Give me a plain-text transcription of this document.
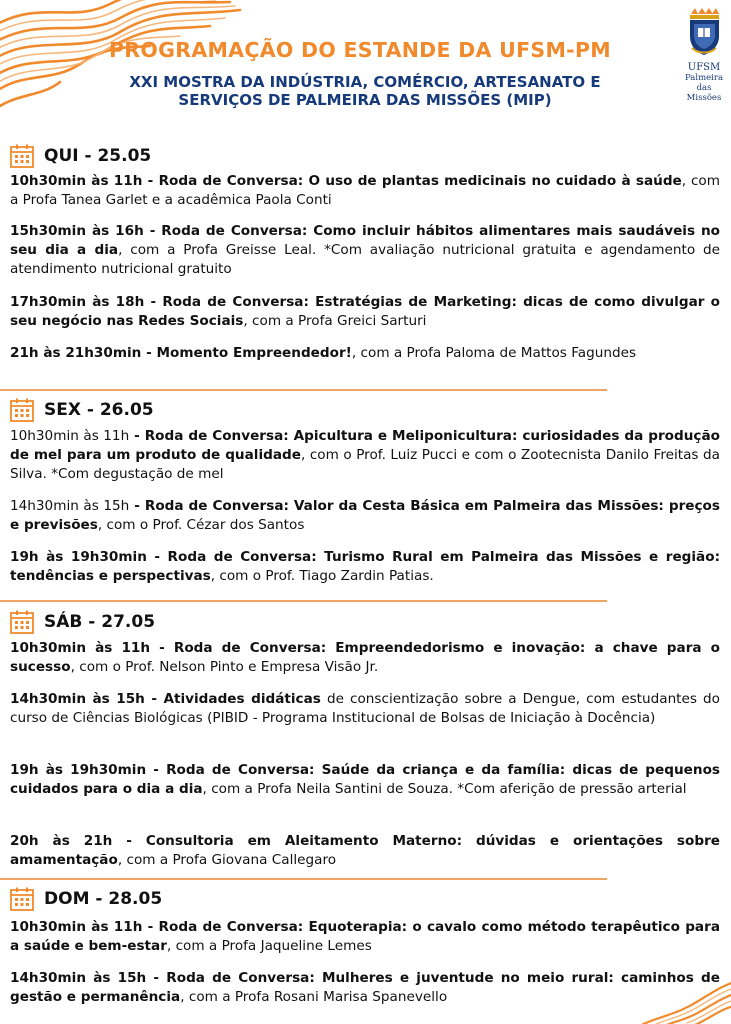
PROGRAMAÇÃO DO ESTANDE DA UFSM-PM
XXI MOSTRA DA INDÚSTRIA, COMÉRCIO, ARTESANATO E
SERVIÇOS DE PALMEIRA DAS MISSÕES (MIP)
UFSM
Palmeira
das Missões
QUI - 25.05

10h30min às 11h - Roda de Conversa: O uso de plantas medicinais no cuidado à saúde, com a Profa Tanea Garlet e a acadêmica Paola Conti

15h30min às 16h - Roda de Conversa: Como incluir hábitos alimentares mais saudáveis no seu dia a dia, com a Profa Greisse Leal. *Com avaliação nutricional gratuita e agendamento de atendimento nutricional gratuito

17h30min às 18h - Roda de Conversa: Estratégias de Marketing: dicas de como divulgar o seu negócio nas Redes Sociais, com a Profa Greici Sarturi

21h às 21h30min - Momento Empreendedor!, com a Profa Paloma de Mattos Fagundes

SEX - 26.05

10h30min às 11h - Roda de Conversa: Apicultura e Meliponicultura: curiosidades da produção de mel para um produto de qualidade, com o Prof. Luiz Pucci e com o Zootecnista Danilo Freitas da Silva. *Com degustação de mel

14h30min às 15h - Roda de Conversa: Valor da Cesta Básica em Palmeira das Missões: preços e previsões, com o Prof. Cézar dos Santos

19h às 19h30min - Roda de Conversa: Turismo Rural em Palmeira das Missões e região: tendências e perspectivas, com o Prof. Tiago Zardin Patias.

SÁB - 27.05

10h30min às 11h - Roda de Conversa: Empreendedorismo e inovação: a chave para o sucesso, com o Prof. Nelson Pinto e Empresa Visão Jr.

14h30min às 15h - Atividades didáticas de conscientização sobre a Dengue, com estudantes do curso de Ciências Biológicas (PIBID - Programa Institucional de Bolsas de Iniciação à Docência)

19h às 19h30min - Roda de Conversa: Saúde da criança e da família: dicas de pequenos cuidados para o dia a dia, com a Profa Neila Santini de Souza. *Com aferição de pressão arterial

20h às 21h - Consultoria em Aleitamento Materno: dúvidas e orientações sobre amamentação, com a Profa Giovana Callegaro

DOM - 28.05

10h30min às 11h - Roda de Conversa: Equoterapia: o cavalo como método terapêutico para a saúde e bem-estar, com a Profa Jaqueline Lemes

14h30min às 15h - Roda de Conversa: Mulheres e juventude no meio rural: caminhos de gestão e permanência, com a Profa Rosani Marisa Spanevello
